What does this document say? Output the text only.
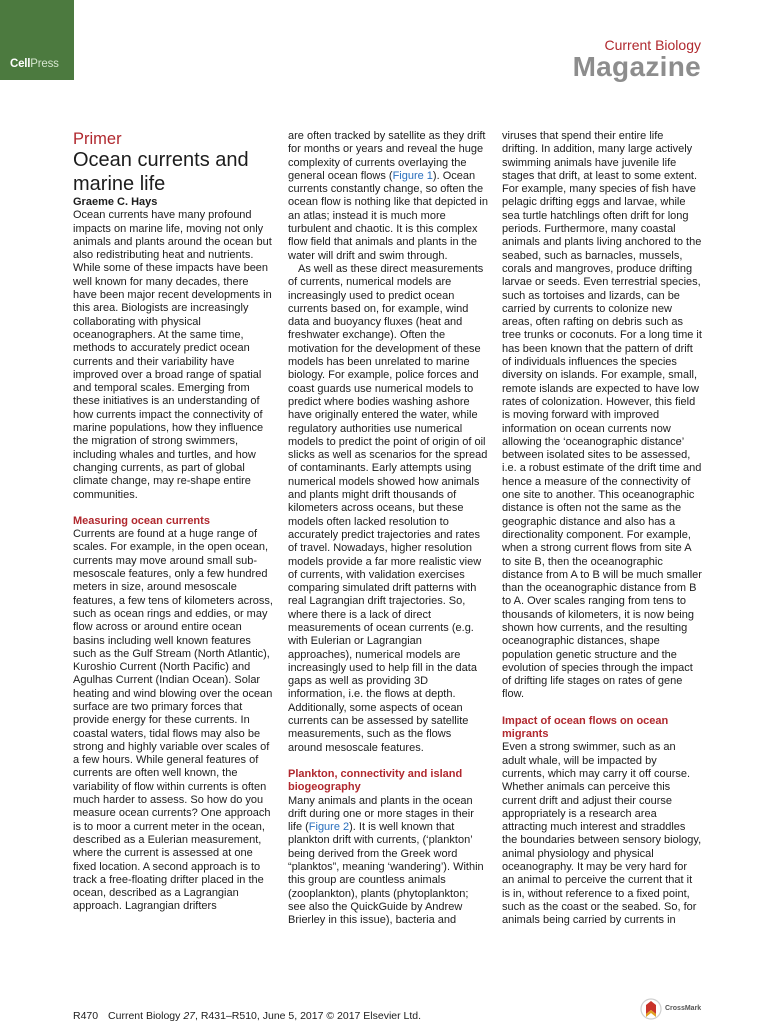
CellPress
Current Biology
Magazine

Primer

Ocean currents and marine life

Graeme C. Hays

Ocean currents have many profound impacts on marine life, moving not only animals and plants around the ocean but also redistributing heat and nutrients. While some of these impacts have been well known for many decades, there have been major recent developments in this area. Biologists are increasingly collaborating with physical oceanographers. At the same time, methods to accurately predict ocean currents and their variability have improved over a broad range of spatial and temporal scales. Emerging from these initiatives is an understanding of how currents impact the connectivity of marine populations, how they influence the migration of strong swimmers, including whales and turtles, and how changing currents, as part of global climate change, may re-shape entire communities.

Measuring ocean currents

Currents are found at a huge range of scales. For example, in the open ocean, currents may move around small sub-mesoscale features, only a few hundred meters in size, around mesoscale features, a few tens of kilometers across, such as ocean rings and eddies, or may flow across or around entire ocean basins including well known features such as the Gulf Stream (North Atlantic), Kuroshio Current (North Pacific) and Agulhas Current (Indian Ocean). Solar heating and wind blowing over the ocean surface are two primary forces that provide energy for these currents. In coastal waters, tidal flows may also be strong and highly variable over scales of a few hours. While general features of currents are often well known, the variability of flow within currents is often much harder to assess. So how do you measure ocean currents? One approach is to moor a current meter in the ocean, described as a Eulerian measurement, where the current is assessed at one fixed location. A second approach is to track a free-floating drifter placed in the ocean, described as a Lagrangian approach. Lagrangian drifters

are often tracked by satellite as they drift for months or years and reveal the huge complexity of currents overlaying the general ocean flows (Figure 1). Ocean currents constantly change, so often the ocean flow is nothing like that depicted in an atlas; instead it is much more turbulent and chaotic. It is this complex flow field that animals and plants in the water will drift and swim through.

As well as these direct measurements of currents, numerical models are increasingly used to predict ocean currents based on, for example, wind data and buoyancy fluxes (heat and freshwater exchange). Often the motivation for the development of these models has been unrelated to marine biology. For example, police forces and coast guards use numerical models to predict where bodies washing ashore have originally entered the water, while regulatory authorities use numerical models to predict the point of origin of oil slicks as well as scenarios for the spread of contaminants. Early attempts using numerical models showed how animals and plants might drift thousands of kilometers across oceans, but these models often lacked resolution to accurately predict trajectories and rates of travel. Nowadays, higher resolution models provide a far more realistic view of currents, with validation exercises comparing simulated drift patterns with real Lagrangian drift trajectories. So, where there is a lack of direct measurements of ocean currents (e.g. with Eulerian or Lagrangian approaches), numerical models are increasingly used to help fill in the data gaps as well as providing 3D information, i.e. the flows at depth. Additionally, some aspects of ocean currents can be assessed by satellite measurements, such as the flows around mesoscale features.

Plankton, connectivity and island biogeography

Many animals and plants in the ocean drift during one or more stages in their life (Figure 2). It is well known that plankton drift with currents, (‘plankton’ being derived from the Greek word “planktos”, meaning ‘wandering’). Within this group are countless animals (zooplankton), plants (phytoplankton; see also the QuickGuide by Andrew Brierley in this issue), bacteria and

viruses that spend their entire life drifting. In addition, many large actively swimming animals have juvenile life stages that drift, at least to some extent. For example, many species of fish have pelagic drifting eggs and larvae, while sea turtle hatchlings often drift for long periods. Furthermore, many coastal animals and plants living anchored to the seabed, such as barnacles, mussels, corals and mangroves, produce drifting larvae or seeds. Even terrestrial species, such as tortoises and lizards, can be carried by currents to colonize new areas, often rafting on debris such as tree trunks or coconuts. For a long time it has been known that the pattern of drift of individuals influences the species diversity on islands. For example, small, remote islands are expected to have low rates of colonization. However, this field is moving forward with improved information on ocean currents now allowing the ‘oceanographic distance’ between isolated sites to be assessed, i.e. a robust estimate of the drift time and hence a measure of the connectivity of one site to another. This oceanographic distance is often not the same as the geographic distance and also has a directionality component. For example, when a strong current flows from site A to site B, then the oceanographic distance from A to B will be much smaller than the oceanographic distance from B to A. Over scales ranging from tens to thousands of kilometers, it is now being shown how currents, and the resulting oceanographic distances, shape population genetic structure and the evolution of species through the impact of drifting life stages on rates of gene flow.

Impact of ocean flows on ocean migrants

Even a strong swimmer, such as an adult whale, will be impacted by currents, which may carry it off course. Whether animals can perceive this current drift and adjust their course appropriately is a research area attracting much interest and straddles the boundaries between sensory biology, animal physiology and physical oceanography. It may be very hard for an animal to perceive the current that it is in, without reference to a fixed point, such as the coast or the seabed. So, for animals being carried by currents in

R470 Current Biology 27, R431–R510, June 5, 2017 © 2017 Elsevier Ltd.
CrossMark
